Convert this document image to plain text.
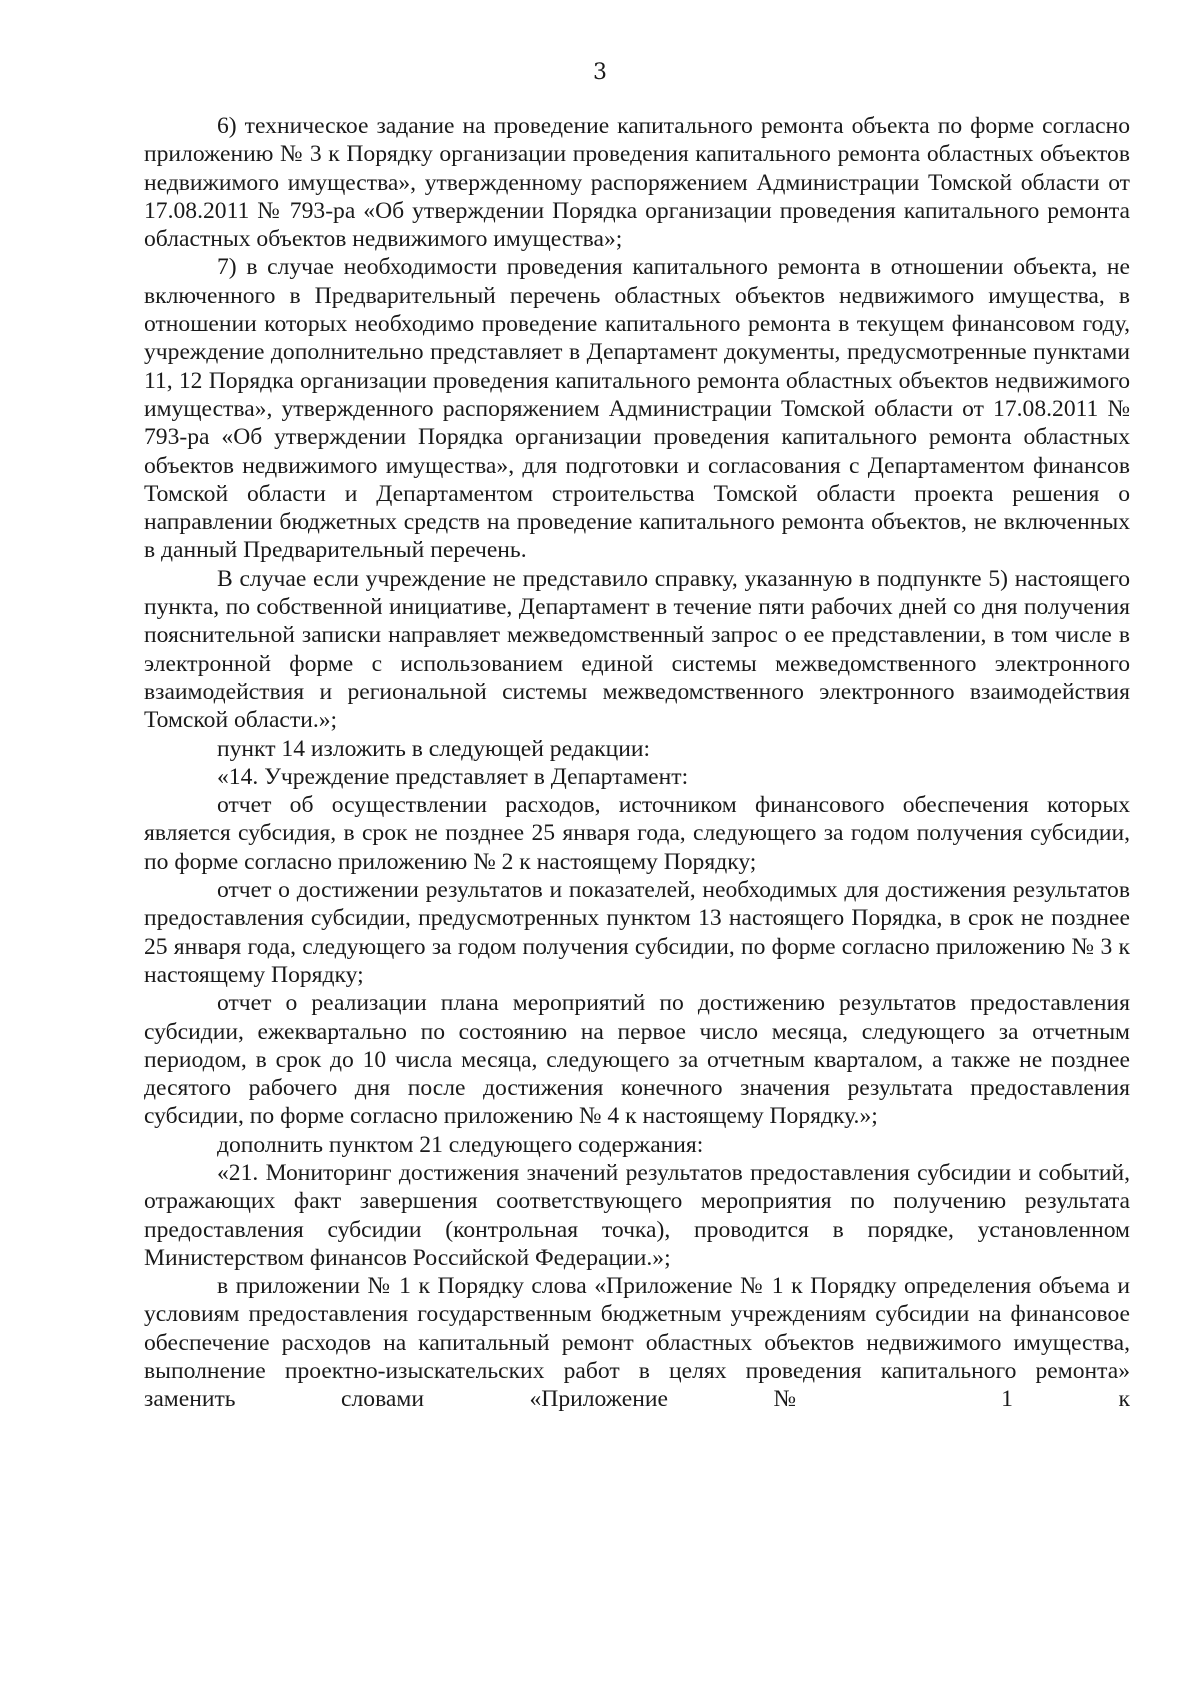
3

6) техническое задание на проведение капитального ремонта объекта по форме согласно приложению № 3 к Порядку организации проведения капитального ремонта областных объектов недвижимого имущества», утвержденному распоряжением Администрации Томской области от 17.08.2011 № 793-ра «Об утверждении Порядка организации проведения капитального ремонта областных объектов недвижимого имущества»;

7) в случае необходимости проведения капитального ремонта в отношении объекта, не включенного в Предварительный перечень областных объектов недвижимого имущества, в отношении которых необходимо проведение капитального ремонта в текущем финансовом году, учреждение дополнительно представляет в Департамент документы, предусмотренные пунктами 11, 12 Порядка организации проведения капитального ремонта областных объектов недвижимого имущества», утвержденного распоряжением Администрации Томской области от 17.08.2011 № 793-ра «Об утверждении Порядка организации проведения капитального ремонта областных объектов недвижимого имущества», для подготовки и согласования с Департаментом финансов Томской области и Департаментом строительства Томской области проекта решения о направлении бюджетных средств на проведение капитального ремонта объектов, не включенных в данный Предварительный перечень.

В случае если учреждение не представило справку, указанную в подпункте 5) настоящего пункта, по собственной инициативе, Департамент в течение пяти рабочих дней со дня получения пояснительной записки направляет межведомственный запрос о ее представлении, в том числе в электронной форме с использованием единой системы межведомственного электронного взаимодействия и региональной системы межведомственного электронного взаимодействия Томской области.»;

пункт 14 изложить в следующей редакции:

«14. Учреждение представляет в Департамент:

отчет об осуществлении расходов, источником финансового обеспечения которых является субсидия, в срок не позднее 25 января года, следующего за годом получения субсидии, по форме согласно приложению № 2 к настоящему Порядку;

отчет о достижении результатов и показателей, необходимых для достижения результатов предоставления субсидии, предусмотренных пунктом 13 настоящего Порядка, в срок не позднее 25 января года, следующего за годом получения субсидии, по форме согласно приложению № 3 к настоящему Порядку;

отчет о реализации плана мероприятий по достижению результатов предоставления субсидии, ежеквартально по состоянию на первое число месяца, следующего за отчетным периодом, в срок до 10 числа месяца, следующего за отчетным кварталом, а также не позднее десятого рабочего дня после достижения конечного значения результата предоставления субсидии, по форме согласно приложению № 4 к настоящему Порядку.»;

дополнить пунктом 21 следующего содержания:

«21. Мониторинг достижения значений результатов предоставления субсидии и событий, отражающих факт завершения соответствующего мероприятия по получению результата предоставления субсидии (контрольная точка), проводится в порядке, установленном Министерством финансов Российской Федерации.»;

в приложении № 1 к Порядку слова «Приложение № 1 к Порядку определения объема и условиям предоставления государственным бюджетным учреждениям субсидии на финансовое обеспечение расходов на капитальный ремонт областных объектов недвижимого имущества, выполнение проектно-изыскательских работ в целях проведения капитального ремонта» заменить словами «Приложение № 1 к
